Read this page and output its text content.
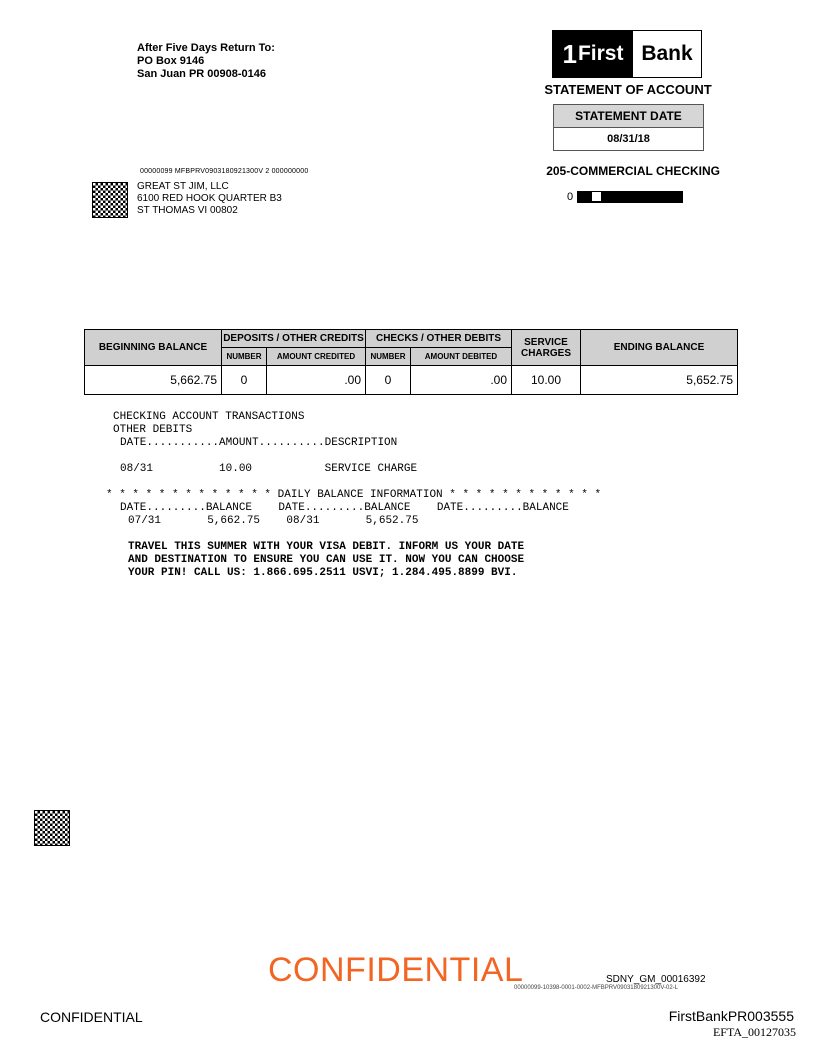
After Five Days Return To:
PO Box 9146
San Juan PR 00908-0146
1 First Bank
STATEMENT OF ACCOUNT
STATEMENT DATE
08/31/18
205-COMMERCIAL CHECKING
0
00000099 MFBPRV0903180921300V 2 000000000
GREAT ST JIM, LLC
6100 RED HOOK QUARTER B3
ST THOMAS VI 00802
BEGINNING BALANCE	DEPOSITS / OTHER CREDITS		CHECKS / OTHER DEBITS		SERVICE CHARGES	ENDING BALANCE
	NUMBER	AMOUNT CREDITED	NUMBER	AMOUNT DEBITED		
5,662.75	0	.00	0	.00	10.00	5,652.75
CHECKING ACCOUNT TRANSACTIONS
OTHER DEBITS
DATE...........AMOUNT..........DESCRIPTION
08/31          10.00           SERVICE CHARGE
* * * * * * * * * * * * * DAILY BALANCE INFORMATION * * * * * * * * * * * *
DATE.........BALANCE    DATE.........BALANCE    DATE.........BALANCE
07/31       5,662.75    08/31       5,652.75
TRAVEL THIS SUMMER WITH YOUR VISA DEBIT. INFORM US YOUR DATE
AND DESTINATION TO ENSURE YOU CAN USE IT. NOW YOU CAN CHOOSE
YOUR PIN! CALL US: 1.866.695.2511 USVI; 1.284.495.8899 BVI.
CONFIDENTIAL	SDNY_GM_00016392
00000099-10398-0001-0002-MFBPRV0903180921300V-02-L
CONFIDENTIAL	FirstBankPR003555
EFTA_00127035
